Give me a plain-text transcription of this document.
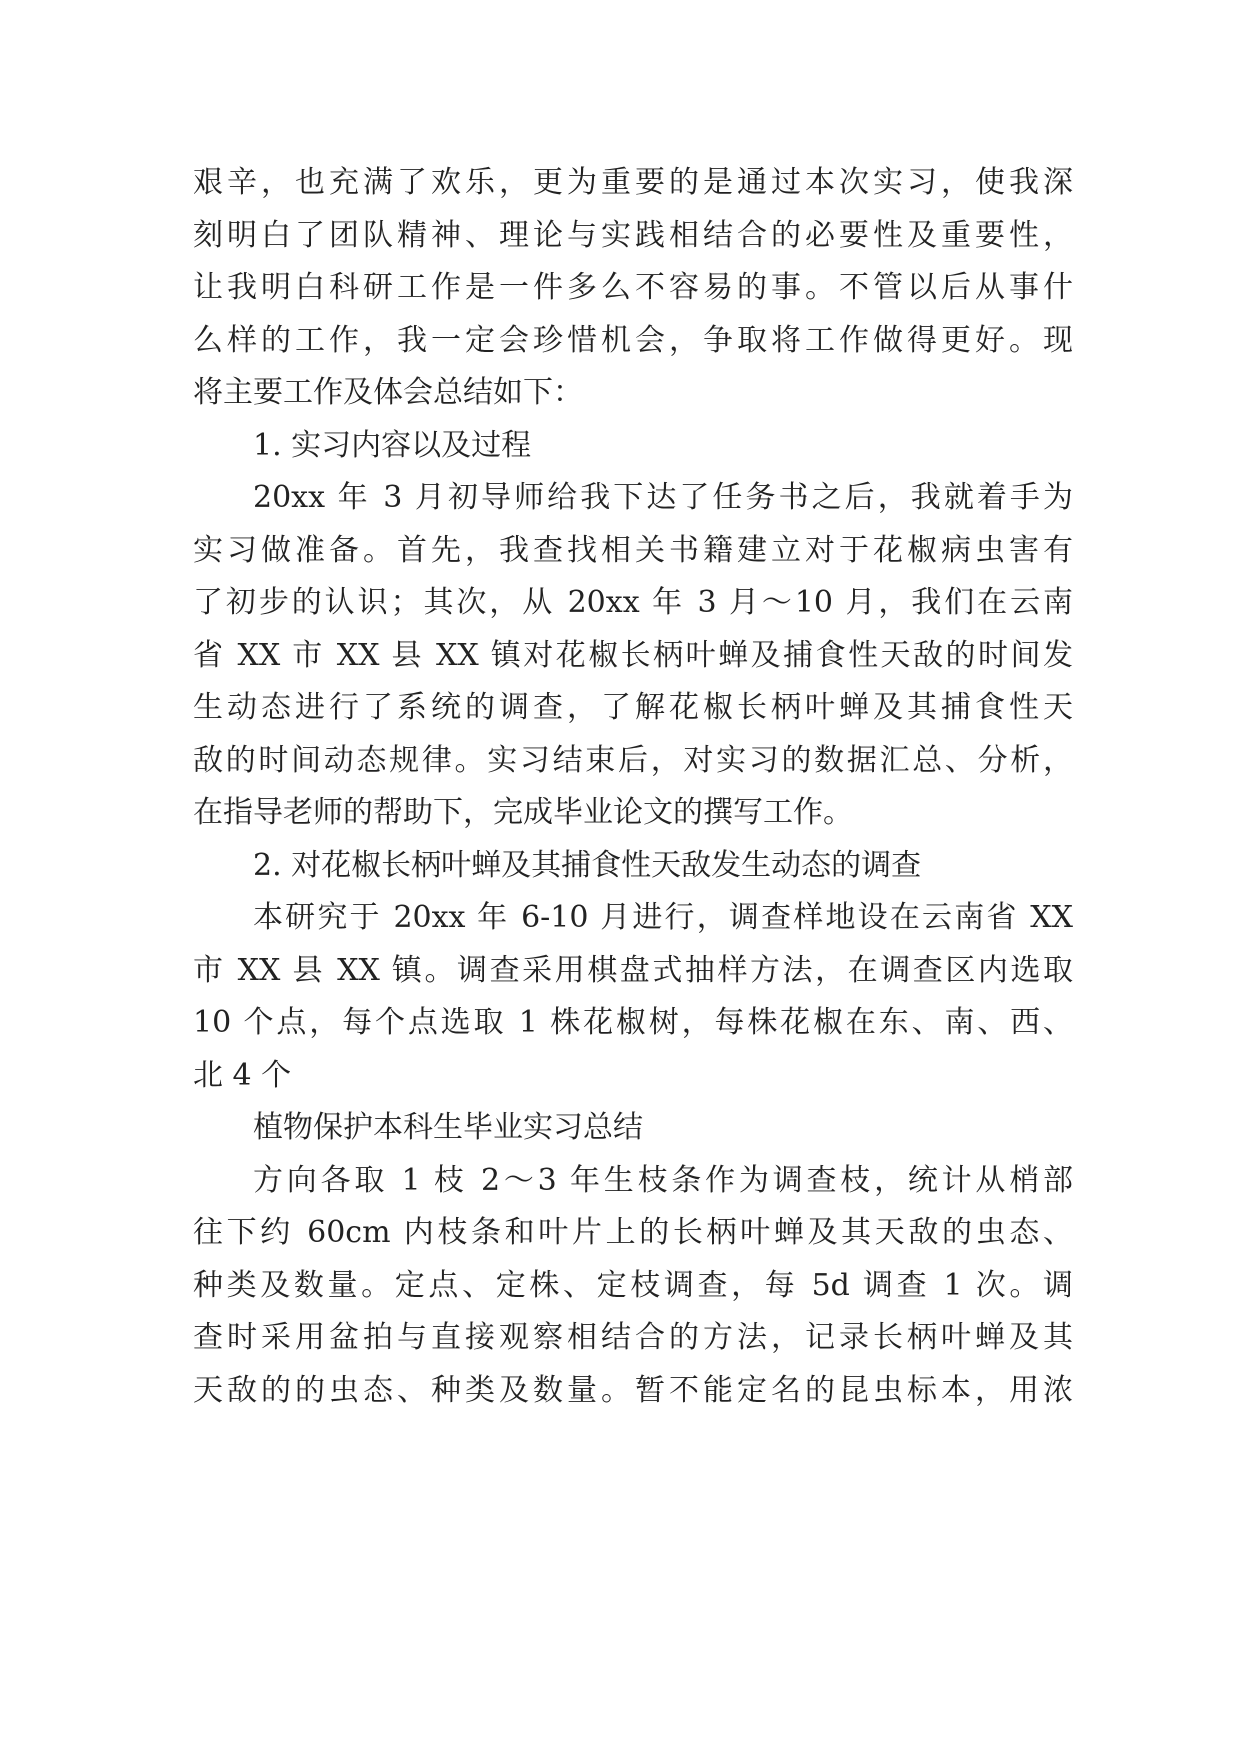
艰辛，也充满了欢乐，更为重要的是通过本次实习，使我深
刻明白了团队精神、理论与实践相结合的必要性及重要性，
让我明白科研工作是一件多么不容易的事。不管以后从事什
么样的工作，我一定会珍惜机会，争取将工作做得更好。现
将主要工作及体会总结如下：
1. 实习内容以及过程
20xx 年 3 月初导师给我下达了任务书之后，我就着手为
实习做准备。首先，我查找相关书籍建立对于花椒病虫害有
了初步的认识；其次，从 20xx 年 3 月～10 月，我们在云南
省 XX 市 XX 县 XX 镇对花椒长柄叶蝉及捕食性天敌的时间发
生动态进行了系统的调查，了解花椒长柄叶蝉及其捕食性天
敌的时间动态规律。实习结束后，对实习的数据汇总、分析，
在指导老师的帮助下，完成毕业论文的撰写工作。
2. 对花椒长柄叶蝉及其捕食性天敌发生动态的调查
本研究于 20xx 年 6-10 月进行，调查样地设在云南省 XX
市 XX 县 XX 镇。调查采用棋盘式抽样方法，在调查区内选取
10 个点，每个点选取 1 株花椒树，每株花椒在东、南、西、
北 4 个
植物保护本科生毕业实习总结
方向各取 1 枝 2～3 年生枝条作为调查枝，统计从梢部
往下约 60cm 内枝条和叶片上的长柄叶蝉及其天敌的虫态、
种类及数量。定点、定株、定枝调查，每 5d 调查 1 次。调
查时采用盆拍与直接观察相结合的方法，记录长柄叶蝉及其
天敌的的虫态、种类及数量。暂不能定名的昆虫标本，用浓
